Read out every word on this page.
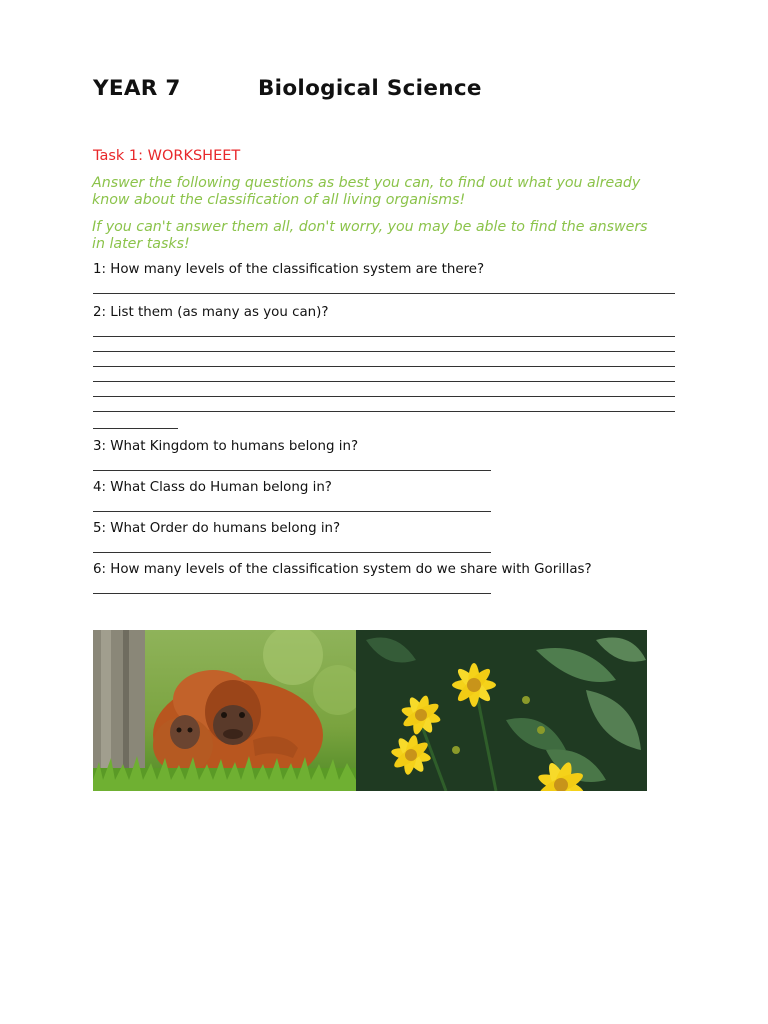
YEAR 7	Biological Science
Task 1: WORKSHEET
Answer the following questions as best you can, to find out what you already know about the classification of all living organisms!
If you can't answer them all, don't worry, you may be able to find the answers in later tasks!
1: How many levels of the classification system are there?
2: List them (as many as you can)?
3: What Kingdom to humans belong in?
4: What Class do Human belong in?
5: What Order do humans belong in?
6: How many levels of the classification system do we share with Gorillas?
